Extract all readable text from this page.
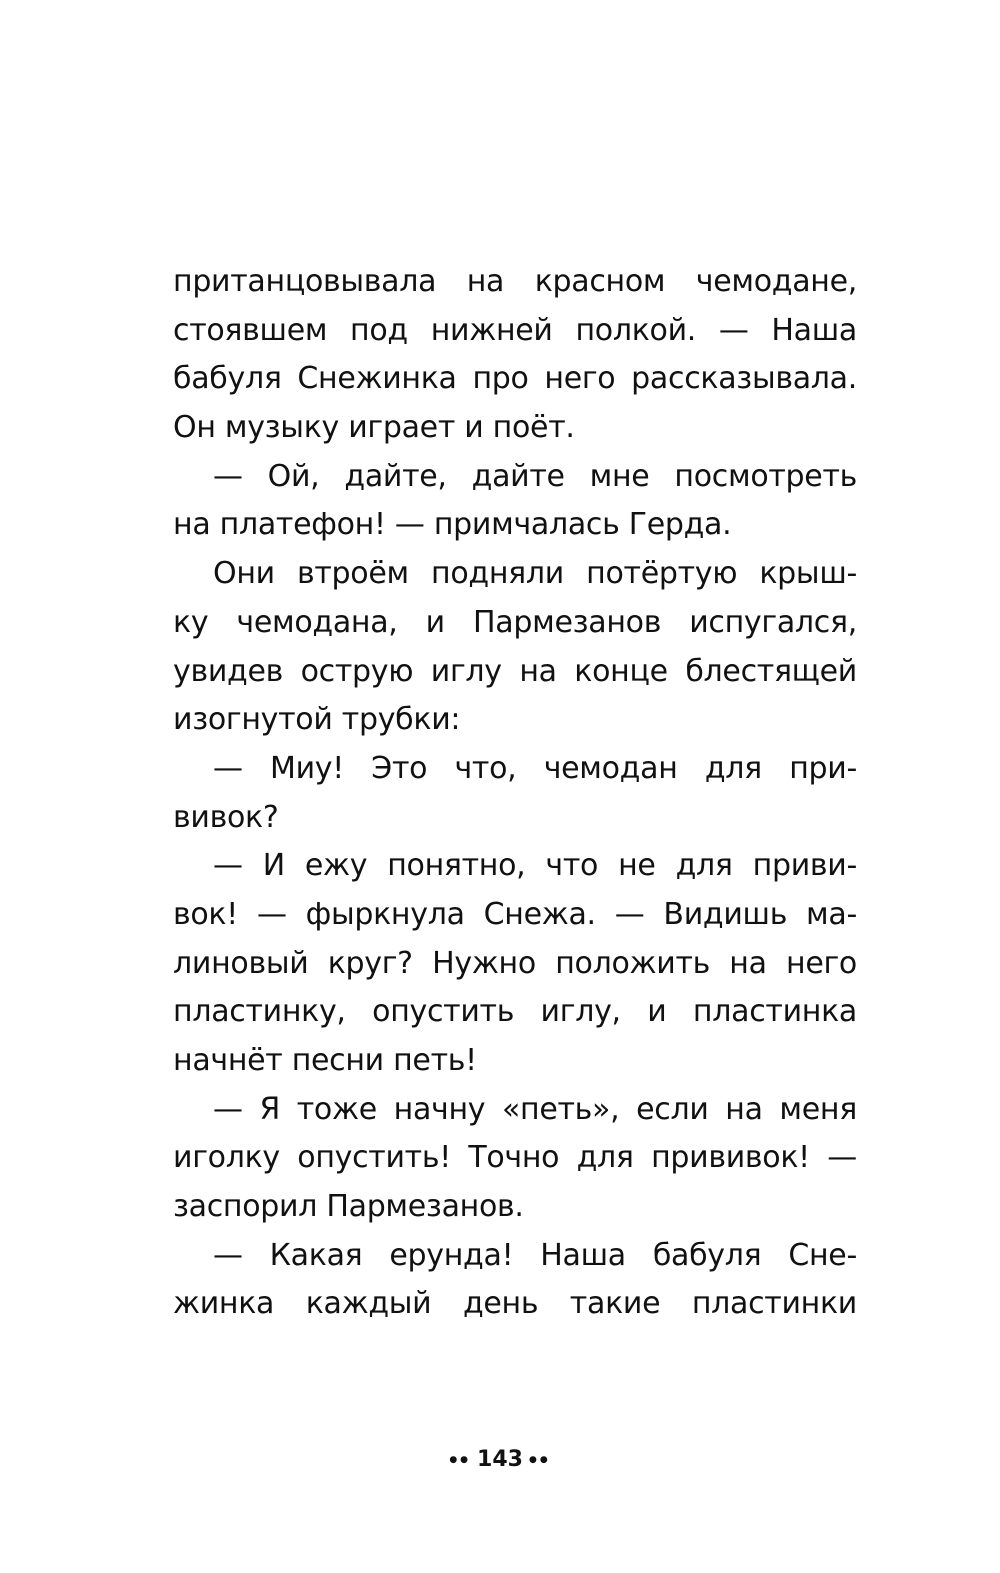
пританцовывала на красном чемодане,
стоявшем под нижней полкой. — Наша
бабуля Снежинка про него рассказывала.
Он музыку играет и поёт.
— Ой, дайте, дайте мне посмотреть
на платефон! — примчалась Герда.
Они втроём подняли потёртую крыш-
ку чемодана, и Пармезанов испугался,
увидев острую иглу на конце блестящей
изогнутой трубки:
— Миу! Это что, чемодан для при-
вивок?
— И ежу понятно, что не для приви-
вок! — фыркнула Снежа. — Видишь ма-
линовый круг? Нужно положить на него
пластинку, опустить иглу, и пластинка
начнёт песни петь!
— Я тоже начну «петь», если на меня
иголку опустить! Точно для прививок! —
заспорил Пармезанов.
— Какая ерунда! Наша бабуля Сне-
жинка каждый день такие пластинки
●● 143 ●●
